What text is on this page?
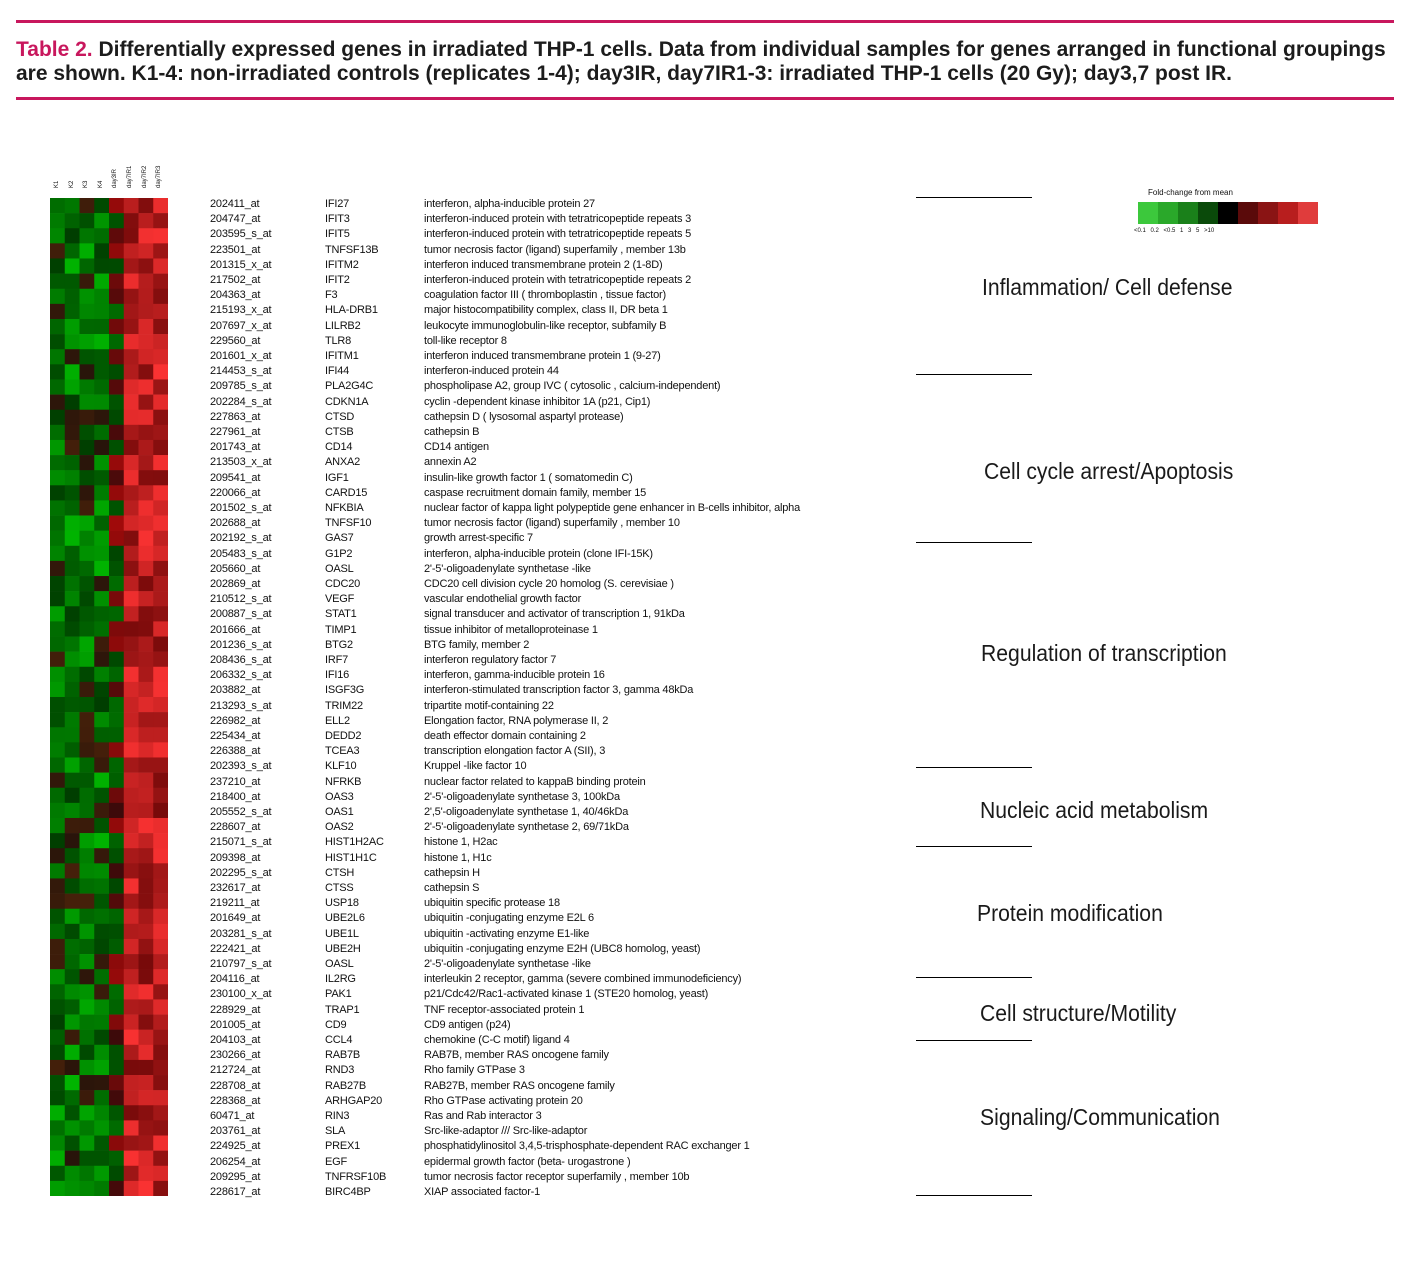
Table 2. Differentially expressed genes in irradiated THP-1 cells. Data from individual samples for genes arranged in functional groupings are shown. K1-4: non-irradiated controls (replicates 1-4); day3IR, day7IR1-3: irradiated THP-1 cells (20 Gy); day3,7 post IR.
K1 K2 K3 K4 day3IR day7IR1 day7IR2 day7IR3
202411_at	IFI27	interferon, alpha-inducible protein 27
204747_at	IFIT3	interferon-induced protein with tetratricopeptide repeats 3
203595_s_at	IFIT5	interferon-induced protein with tetratricopeptide repeats 5
223501_at	TNFSF13B	tumor necrosis factor (ligand) superfamily , member 13b
201315_x_at	IFITM2	interferon induced transmembrane protein 2 (1-8D)
217502_at	IFIT2	interferon-induced protein with tetratricopeptide repeats 2
204363_at	F3	coagulation factor III ( thromboplastin , tissue factor)
215193_x_at	HLA-DRB1	major histocompatibility complex, class II, DR beta 1
207697_x_at	LILRB2	leukocyte immunoglobulin-like receptor, subfamily B
229560_at	TLR8	toll-like receptor 8
201601_x_at	IFITM1	interferon induced transmembrane protein 1 (9-27)
214453_s_at	IFI44	interferon-induced protein 44
209785_s_at	PLA2G4C	phospholipase A2, group IVC ( cytosolic , calcium-independent)
202284_s_at	CDKN1A	cyclin -dependent kinase inhibitor 1A (p21, Cip1)
227863_at	CTSD	cathepsin D ( lysosomal aspartyl protease)
227961_at	CTSB	cathepsin B
201743_at	CD14	CD14 antigen
213503_x_at	ANXA2	annexin A2
209541_at	IGF1	insulin-like growth factor 1 ( somatomedin C)
220066_at	CARD15	caspase recruitment domain family, member 15
201502_s_at	NFKBIA	nuclear factor of kappa light polypeptide gene enhancer in B-cells inhibitor, alpha
202688_at	TNFSF10	tumor necrosis factor (ligand) superfamily , member 10
202192_s_at	GAS7	growth arrest-specific 7
205483_s_at	G1P2	interferon, alpha-inducible protein (clone IFI-15K)
205660_at	OASL	2'-5'-oligoadenylate synthetase -like
202869_at	CDC20	CDC20 cell division cycle 20 homolog (S. cerevisiae )
210512_s_at	VEGF	vascular endothelial growth factor
200887_s_at	STAT1	signal transducer and activator of transcription 1, 91kDa
201666_at	TIMP1	tissue inhibitor of metalloproteinase 1
201236_s_at	BTG2	BTG family, member 2
208436_s_at	IRF7	interferon regulatory factor 7
206332_s_at	IFI16	interferon, gamma-inducible protein 16
203882_at	ISGF3G	interferon-stimulated transcription factor 3, gamma 48kDa
213293_s_at	TRIM22	tripartite motif-containing 22
226982_at	ELL2	Elongation factor, RNA polymerase II, 2
225434_at	DEDD2	death effector domain containing 2
226388_at	TCEA3	transcription elongation factor A (SII), 3
202393_s_at	KLF10	Kruppel -like factor 10
237210_at	NFRKB	nuclear factor related to kappaB binding protein
218400_at	OAS3	2'-5'-oligoadenylate synthetase 3, 100kDa
205552_s_at	OAS1	2',5'-oligoadenylate synthetase 1, 40/46kDa
228607_at	OAS2	2'-5'-oligoadenylate synthetase 2, 69/71kDa
215071_s_at	HIST1H2AC	histone 1, H2ac
209398_at	HIST1H1C	histone 1, H1c
202295_s_at	CTSH	cathepsin H
232617_at	CTSS	cathepsin S
219211_at	USP18	ubiquitin specific protease 18
201649_at	UBE2L6	ubiquitin -conjugating enzyme E2L 6
203281_s_at	UBE1L	ubiquitin -activating enzyme E1-like
222421_at	UBE2H	ubiquitin -conjugating enzyme E2H (UBC8 homolog, yeast)
210797_s_at	OASL	2'-5'-oligoadenylate synthetase -like
204116_at	IL2RG	interleukin 2 receptor, gamma (severe combined immunodeficiency)
230100_x_at	PAK1	p21/Cdc42/Rac1-activated kinase 1 (STE20 homolog, yeast)
228929_at	TRAP1	TNF receptor-associated protein 1
201005_at	CD9	CD9 antigen (p24)
204103_at	CCL4	chemokine (C-C motif) ligand 4
230266_at	RAB7B	RAB7B, member RAS oncogene family
212724_at	RND3	Rho family GTPase 3
228708_at	RAB27B	RAB27B, member RAS oncogene family
228368_at	ARHGAP20	Rho GTPase activating protein 20
60471_at	RIN3	Ras and Rab interactor 3
203761_at	SLA	Src-like-adaptor /// Src-like-adaptor
224925_at	PREX1	phosphatidylinositol 3,4,5-trisphosphate-dependent RAC exchanger 1
206254_at	EGF	epidermal growth factor (beta- urogastrone )
209295_at	TNFRSF10B	tumor necrosis factor receptor superfamily , member 10b
228617_at	BIRC4BP	XIAP associated factor-1
Inflammation/ Cell defense
Cell cycle arrest/Apoptosis
Regulation of transcription
Nucleic acid metabolism
Protein modification
Cell structure/Motility
Signaling/Communication
Fold-change from mean
<0.1 0.2 <0.5 1 3 5 >10
